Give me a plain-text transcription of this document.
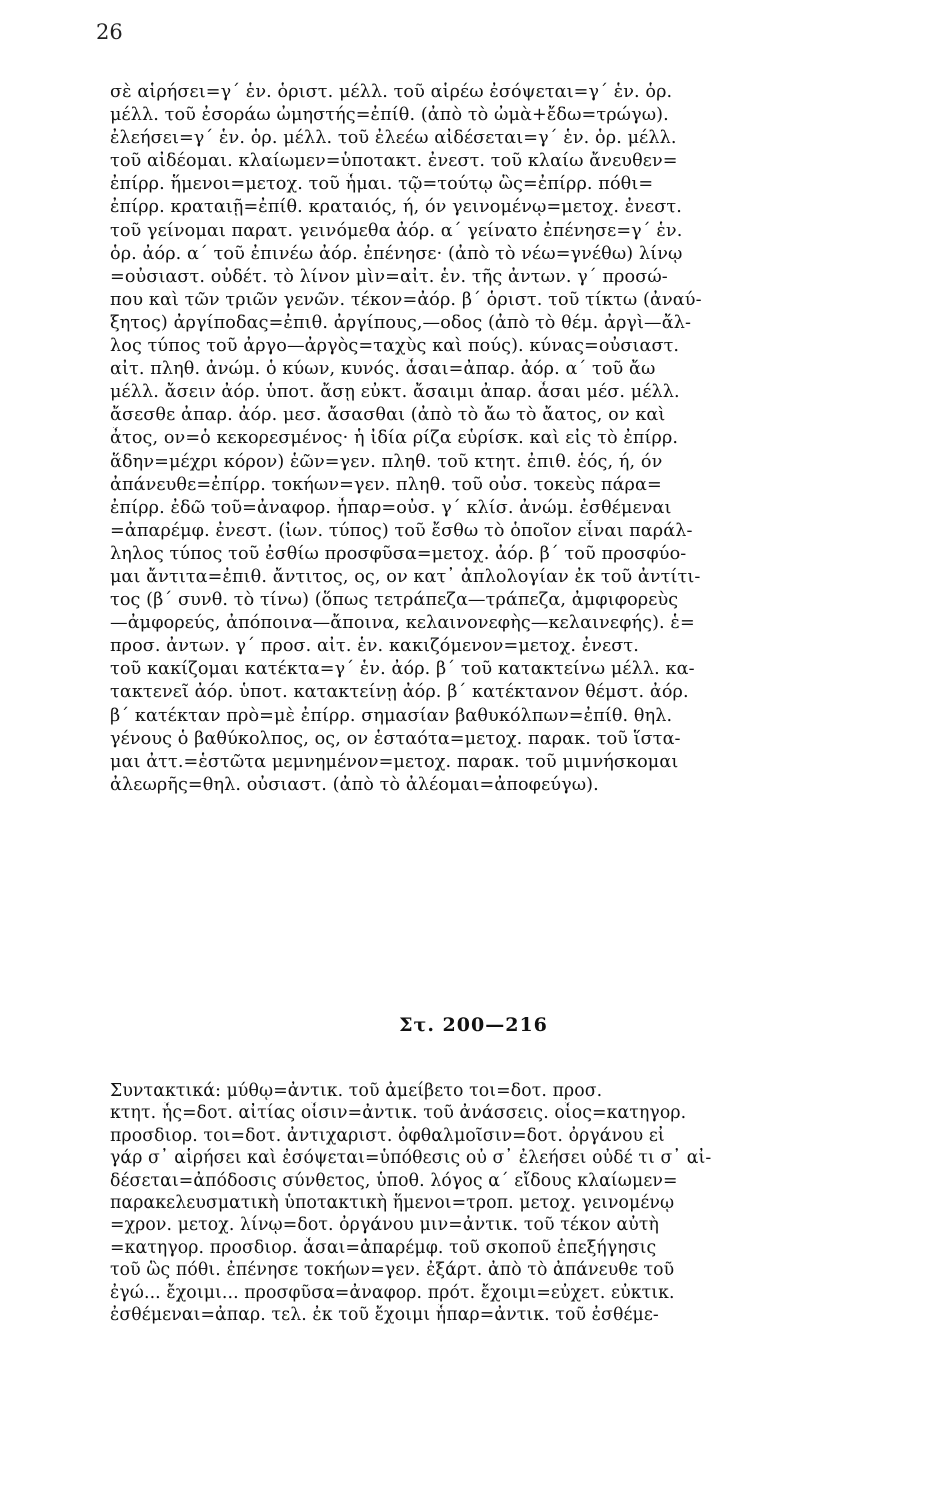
26
σὲ αἱρήσει=γ΄ ἑν. ὁριστ. μέλλ. τοῦ αἱρέω ἐσόψεται=γ΄ ἑν. ὁρ.
μέλλ. τοῦ ἐσοράω ὠμηστής=ἐπίθ. (ἀπὸ τὸ ὠμὰ+ἔδω=τρώγω).
ἐλεήσει=γ΄ ἑν. ὁρ. μέλλ. τοῦ ἐλεέω αἰδέσεται=γ΄ ἑν. ὁρ. μέλλ.
τοῦ αἰδέομαι. κλαίωμεν=ὑποτακτ. ἐνεστ. τοῦ κλαίω ἄνευθεν=
ἐπίρρ. ἥμενοι=μετοχ. τοῦ ἧμαι. τῷ=τούτῳ ὣς=ἐπίρρ. πόθι=
ἐπίρρ. κραταιῇ=ἐπίθ. κραταιός, ή, όν γεινομένῳ=μετοχ. ἐνεστ.
τοῦ γείνομαι παρατ. γεινόμεθα ἀόρ. α΄ γείνατο ἐπένησε=γ΄ ἑν.
ὁρ. ἀόρ. α΄ τοῦ ἐπινέω ἀόρ. ἐπένησε· (ἀπὸ τὸ νέω=γνέθω) λίνῳ
=οὐσιαστ. οὐδέτ. τὸ λίνον μὶν=αἰτ. ἑν. τῆς ἀντων. γ΄ προσώ-
που καὶ τῶν τριῶν γενῶν. τέκον=ἀόρ. β΄ ὁριστ. τοῦ τίκτω (ἀναύ-
ξητος) ἀργίποδας=ἐπιθ. ἀργίπους,—οδος (ἀπὸ τὸ θέμ. ἀργὶ—ἄλ-
λος τύπος τοῦ ἀργο—ἀργὸς=ταχὺς καὶ πούς). κύνας=οὐσιαστ.
αἰτ. πληθ. ἀνώμ. ὁ κύων, κυνός. ἆσαι=ἀπαρ. ἀόρ. α΄ τοῦ ἄω
μέλλ. ἄσειν ἀόρ. ὑποτ. ἄσῃ εὐκτ. ἄσαιμι ἀπαρ. ἆσαι μέσ. μέλλ.
ἄσεσθε ἀπαρ. ἀόρ. μεσ. ἄσασθαι (ἀπὸ τὸ ἄω τὸ ἄατος, ον καὶ
ἆτος, ον=ὁ κεκορεσμένος· ἡ ἰδία ρίζα εὑρίσκ. καὶ εἰς τὸ ἐπίρρ.
ἅδην=μέχρι κόρον) ἑῶν=γεν. πληθ. τοῦ κτητ. ἐπιθ. ἑός, ή, όν
ἀπάνευθε=ἐπίρρ. τοκήων=γεν. πληθ. τοῦ οὐσ. τοκεὺς πάρα=
ἐπίρρ. ἐδῶ τοῦ=ἀναφορ. ἦπαρ=οὐσ. γ΄ κλίσ. ἀνώμ. ἐσθέμεναι
=ἀπαρέμφ. ἐνεστ. (ἰων. τύπος) τοῦ ἔσθω τὸ ὁποῖον εἶναι παράλ-
ληλος τύπος τοῦ ἐσθίω προσφῦσα=μετοχ. ἀόρ. β΄ τοῦ προσφύο-
μαι ἄντιτα=ἐπιθ. ἄντιτος, ος, ον κατ᾽ ἀπλολογίαν ἐκ τοῦ ἀντίτι-
τος (β΄ συνθ. τὸ τίνω) (ὅπως τετράπεζα—τράπεζα, ἀμφιφορεὺς
—ἀμφορεύς, ἀπόποινα—ἄποινα, κελαινονεφὴς—κελαινεφής). ἑ=
προσ. ἀντων. γ΄ προσ. αἰτ. ἑν. κακιζόμενον=μετοχ. ἐνεστ.
τοῦ κακίζομαι κατέκτα=γ΄ ἑν. ἀόρ. β΄ τοῦ κατακτείνω μέλλ. κα-
τακτενεῖ ἀόρ. ὑποτ. κατακτείνῃ ἀόρ. β΄ κατέκτανον θέμστ. ἀόρ.
β΄ κατέκταν πρὸ=μὲ ἐπίρρ. σημασίαν βαθυκόλπων=ἐπίθ. θηλ.
γένους ὁ βαθύκολπος, ος, ον ἑσταότα=μετοχ. παρακ. τοῦ ἵστα-
μαι ἀττ.=ἑστῶτα μεμνημένον=μετοχ. παρακ. τοῦ μιμνήσκομαι
ἀλεωρῆς=θηλ. οὐσιαστ. (ἀπὸ τὸ ἀλέομαι=ἀποφεύγω).
Στ. 200—216
Συντακτικά: μύθῳ=ἀντικ. τοῦ ἀμείβετο τοι=δοτ. προσ.
κτητ. ἧς=δοτ. αἰτίας οἶσιν=ἀντικ. τοῦ ἀνάσσεις. οἷος=κατηγορ.
προσδιορ. τοι=δοτ. ἀντιχαριστ. ὀφθαλμοῖσιν=δοτ. ὀργάνου εἰ
γάρ σ᾽ αἱρήσει καὶ ἐσόψεται=ὑπόθεσις οὐ σ᾽ ἐλεήσει οὐδέ τι σ᾽ αἰ-
δέσεται=ἀπόδοσις σύνθετος, ὑποθ. λόγος α΄ εἴδους κλαίωμεν=
παρακελευσματικὴ ὑποτακτικὴ ἥμενοι=τροπ. μετοχ. γεινομένῳ
=χρον. μετοχ. λίνῳ=δοτ. ὀργάνου μιν=ἀντικ. τοῦ τέκον αὐτὴ
=κατηγορ. προσδιορ. ἆσαι=ἀπαρέμφ. τοῦ σκοποῦ ἐπεξήγησις
τοῦ ὣς πόθι. ἐπένησε τοκήων=γεν. ἐξάρτ. ἀπὸ τὸ ἀπάνευθε τοῦ
ἐγώ... ἔχοιμι... προσφῦσα=ἀναφορ. πρότ. ἔχοιμι=εὐχετ. εὐκτικ.
ἐσθέμεναι=ἀπαρ. τελ. ἐκ τοῦ ἔχοιμι ἧπαρ=ἀντικ. τοῦ ἐσθέμε-
